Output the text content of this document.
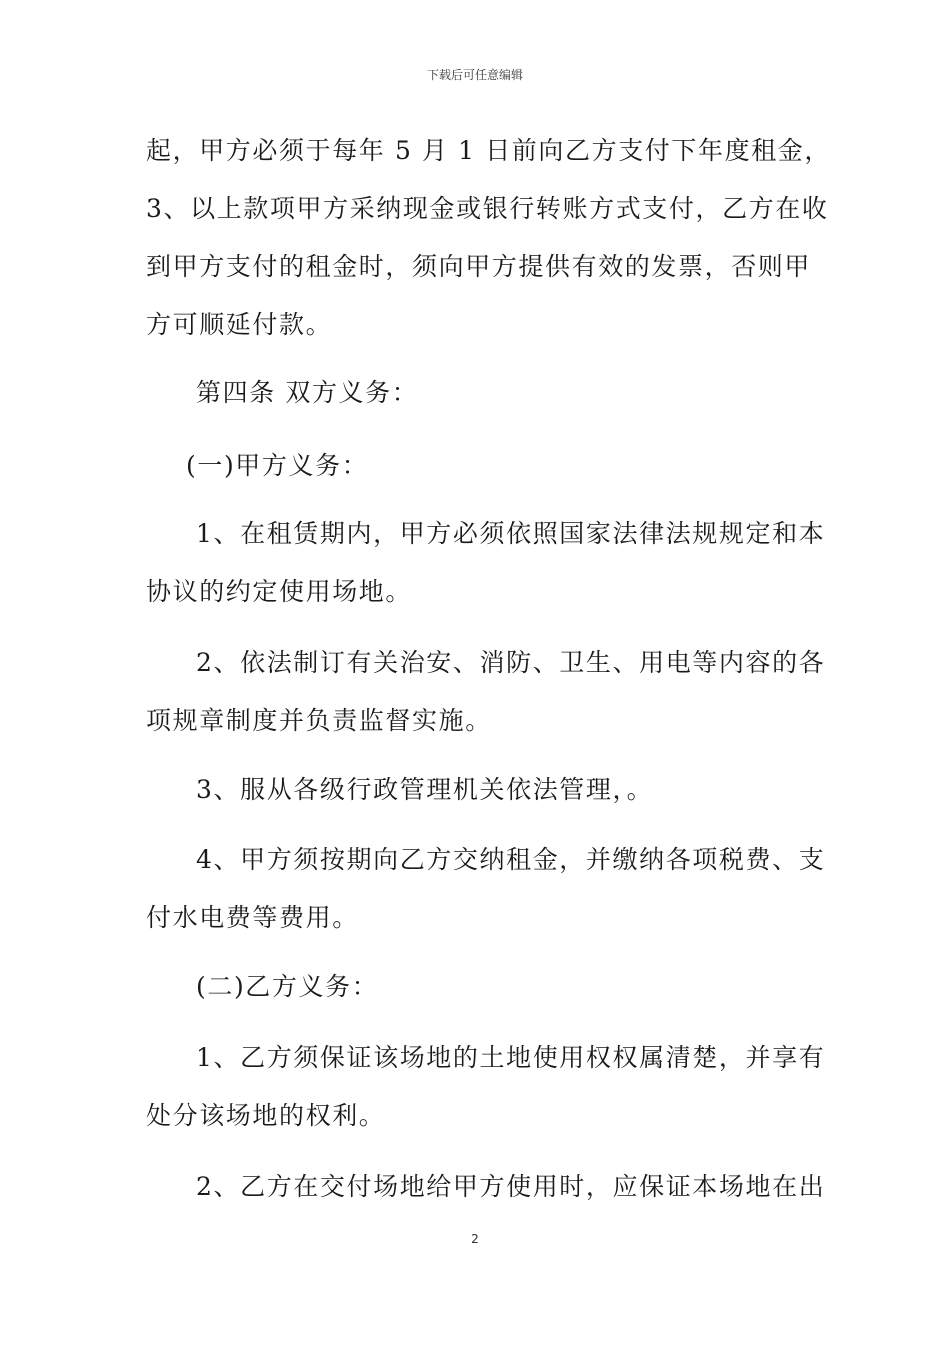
下载后可任意编辑
起，甲方必须于每年 5 月 1 日前向乙方支付下年度租金，
3、以上款项甲方采纳现金或银行转账方式支付，乙方在收
到甲方支付的租金时，须向甲方提供有效的发票，否则甲
方可顺延付款。
第四条 双方义务：
(一)甲方义务：
1、在租赁期内，甲方必须依照国家法律法规规定和本
协议的约定使用场地。
2、依法制订有关治安、消防、卫生、用电等内容的各
项规章制度并负责监督实施。
3、服从各级行政管理机关依法管理，。
4、甲方须按期向乙方交纳租金，并缴纳各项税费、支
付水电费等费用。
(二)乙方义务：
1、乙方须保证该场地的土地使用权权属清楚，并享有
处分该场地的权利。
2、乙方在交付场地给甲方使用时，应保证本场地在出
2
